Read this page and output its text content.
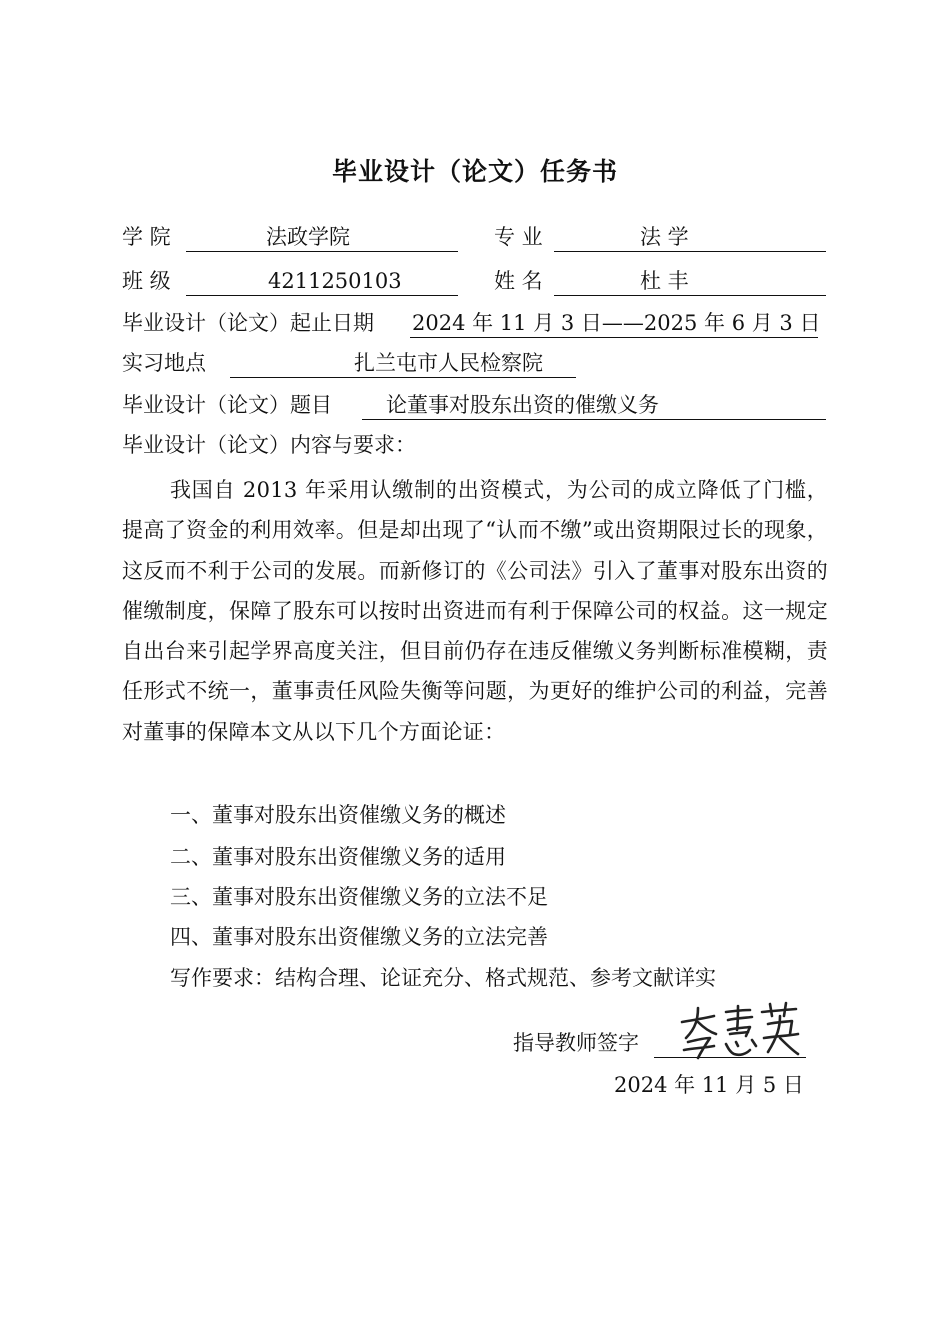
毕业设计（论文）任务书
学 院	法政学院	专 业	法 学
班 级	4211250103	姓 名	杜 丰
毕业设计（论文）起止日期 2024 年 11 月 3 日——2025 年 6 月 3 日
实习地点	扎兰屯市人民检察院
毕业设计（论文）题目	论董事对股东出资的催缴义务
毕业设计（论文）内容与要求：
我国自 2013 年采用认缴制的出资模式，为公司的成立降低了门槛，提高了资金的利用效率。但是却出现了“认而不缴”或出资期限过长的现象，这反而不利于公司的发展。而新修订的《公司法》引入了董事对股东出资的催缴制度，保障了股东可以按时出资进而有利于保障公司的权益。这一规定自出台来引起学界高度关注，但目前仍存在违反催缴义务判断标准模糊，责任形式不统一，董事责任风险失衡等问题，为更好的维护公司的利益，完善对董事的保障本文从以下几个方面论证：
一、董事对股东出资催缴义务的概述
二、董事对股东出资催缴义务的适用
三、董事对股东出资催缴义务的立法不足
四、董事对股东出资催缴义务的立法完善
写作要求：结构合理、论证充分、格式规范、参考文献详实
指导教师签字
2024 年 11 月 5 日
